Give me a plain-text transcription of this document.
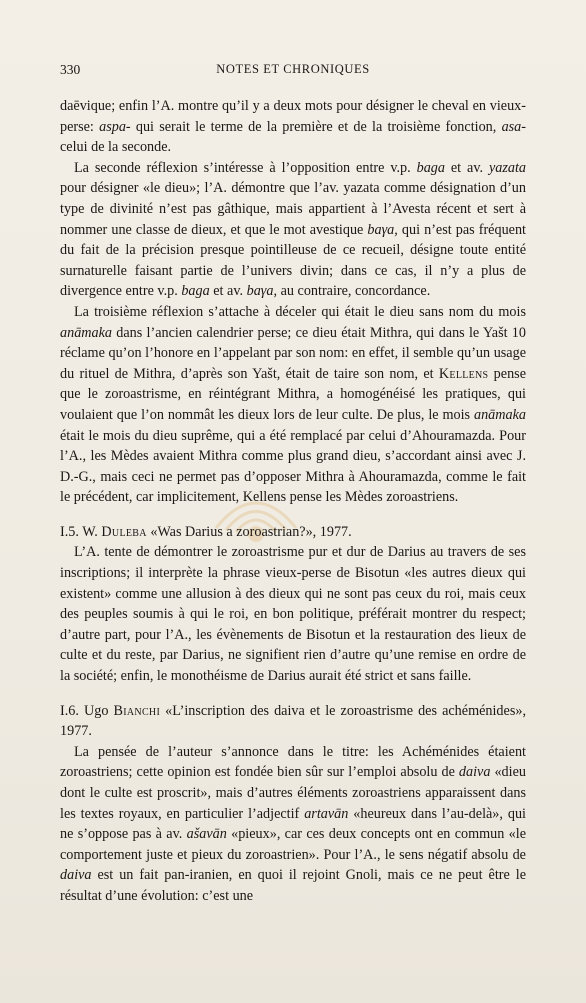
330	NOTES ET CHRONIQUES

daēvique; enfin l’A. montre qu’il y a deux mots pour désigner le cheval en vieux-perse: aspa- qui serait le terme de la première et de la troisième fonction, asa- celui de la seconde.

La seconde réflexion s’intéresse à l’opposition entre v.p. baga et av. yazata pour désigner «le dieu»; l’A. démontre que l’av. yazata comme désignation d’un type de divinité n’est pas gâthique, mais appartient à l’Avesta récent et sert à nommer une classe de dieux, et que le mot avestique baγa, qui n’est pas fréquent du fait de la précision presque pointilleuse de ce recueil, désigne toute entité surnaturelle faisant partie de l’univers divin; dans ce cas, il n’y a plus de divergence entre v.p. baga et av. baγa, au contraire, concordance.

La troisième réflexion s’attache à déceler qui était le dieu sans nom du mois anāmaka dans l’ancien calendrier perse; ce dieu était Mithra, qui dans le Yašt 10 réclame qu’on l’honore en l’appelant par son nom: en effet, il semble qu’un usage du rituel de Mithra, d’après son Yašt, était de taire son nom, et Kellens pense que le zoroastrisme, en réintégrant Mithra, a homogénéisé les pratiques, qui voulaient que l’on nommât les dieux lors de leur culte. De plus, le mois anāmaka était le mois du dieu suprême, qui a été remplacé par celui d’Ahouramazda. Pour l’A., les Mèdes avaient Mithra comme plus grand dieu, s’accordant ainsi avec J. D.-G., mais ceci ne permet pas d’opposer Mithra à Ahouramazda, comme le fait le précédent, car implicitement, Kellens pense les Mèdes zoroastriens.

I.5. W. Duleba «Was Darius a zoroastrian?», 1977.

L’A. tente de démontrer le zoroastrisme pur et dur de Darius au travers de ses inscriptions; il interprète la phrase vieux-perse de Bisotun «les autres dieux qui existent» comme une allusion à des dieux qui ne sont pas ceux du roi, mais ceux des peuples soumis à qui le roi, en bon politique, préférait montrer du respect; d’autre part, pour l’A., les évènements de Bisotun et la restauration des lieux de culte et du reste, par Darius, ne signifient rien d’autre qu’une remise en ordre de la société; enfin, le monothéisme de Darius aurait été strict et sans faille.

I.6. Ugo Bianchi «L’inscription des daiva et le zoroastrisme des achéménides», 1977.

La pensée de l’auteur s’annonce dans le titre: les Achéménides étaient zoroastriens; cette opinion est fondée bien sûr sur l’emploi absolu de daiva «dieu dont le culte est proscrit», mais d’autres éléments zoroastriens apparaissent dans les textes royaux, en particulier l’adjectif artavān «heureux dans l’au-delà», qui ne s’oppose pas à av. ašavān «pieux», car ces deux concepts ont en commun «le comportement juste et pieux du zoroastrien». Pour l’A., le sens négatif absolu de daiva est un fait pan-iranien, en quoi il rejoint Gnoli, mais ce ne peut être le résultat d’une évolution: c’est une
